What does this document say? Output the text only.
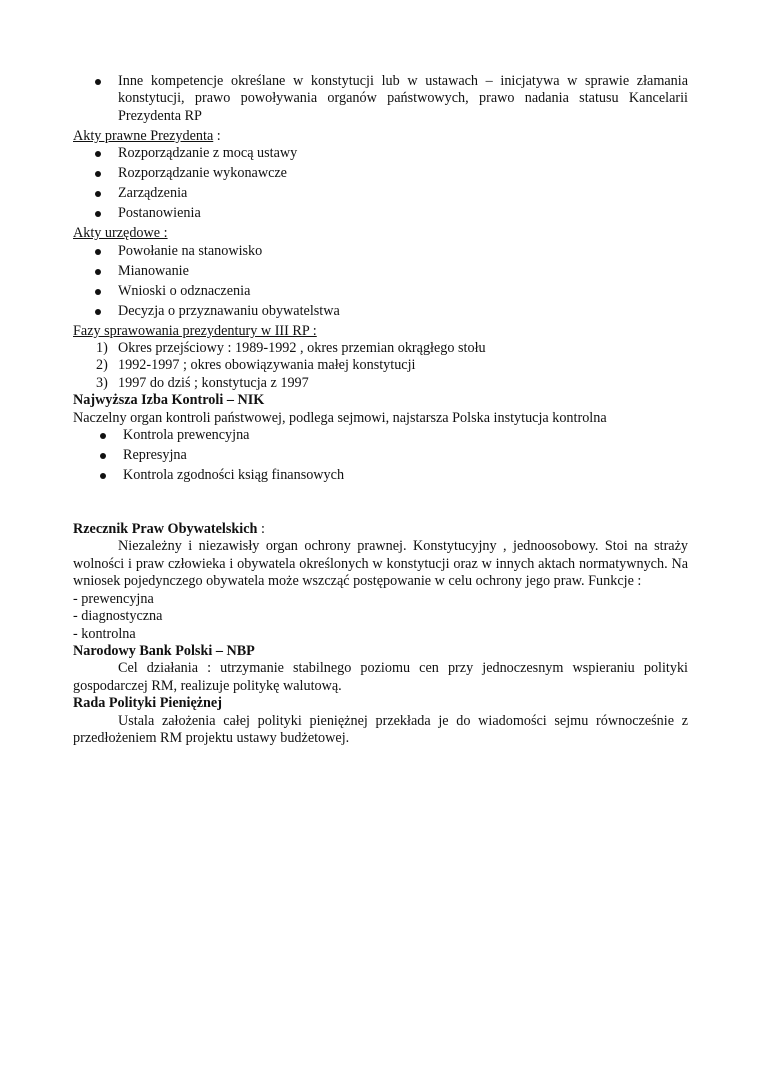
Inne kompetencje określane w konstytucji lub w ustawach – inicjatywa w sprawie złamania konstytucji, prawo powoływania organów państwowych, prawo nadania statusu Kancelarii Prezydenta RP
Akty prawne Prezydenta :
Rozporządzanie z mocą ustawy
Rozporządzanie wykonawcze
Zarządzenia
Postanowienia
Akty urzędowe :
Powołanie na stanowisko
Mianowanie
Wnioski o odznaczenia
Decyzja o przyznawaniu obywatelstwa
Fazy sprawowania prezydentury w III RP :
1) Okres przejściowy : 1989-1992 , okres przemian okrągłego stołu
2) 1992-1997 ; okres obowiązywania małej konstytucji
3) 1997 do dziś ; konstytucja z 1997
Najwyższa Izba Kontroli – NIK
Naczelny organ kontroli państwowej, podlega sejmowi, najstarsza Polska instytucja kontrolna
Kontrola prewencyjna
Represyjna
Kontrola zgodności ksiąg finansowych
Rzecznik Praw Obywatelskich :
Niezależny i niezawisły organ ochrony prawnej. Konstytucyjny , jednoosobowy. Stoi na straży wolności i praw człowieka i obywatela określonych w konstytucji oraz w innych aktach normatywnych. Na wniosek pojedynczego obywatela może wszcząć postępowanie w celu ochrony jego praw. Funkcje :
- prewencyjna
- diagnostyczna
- kontrolna
Narodowy Bank Polski – NBP
Cel działania : utrzymanie stabilnego poziomu cen przy jednoczesnym wspieraniu polityki gospodarczej RM, realizuje politykę walutową.
Rada Polityki Pieniężnej
Ustala założenia całej polityki pieniężnej przekłada je do wiadomości sejmu równocześnie z przedłożeniem RM projektu ustawy budżetowej.
